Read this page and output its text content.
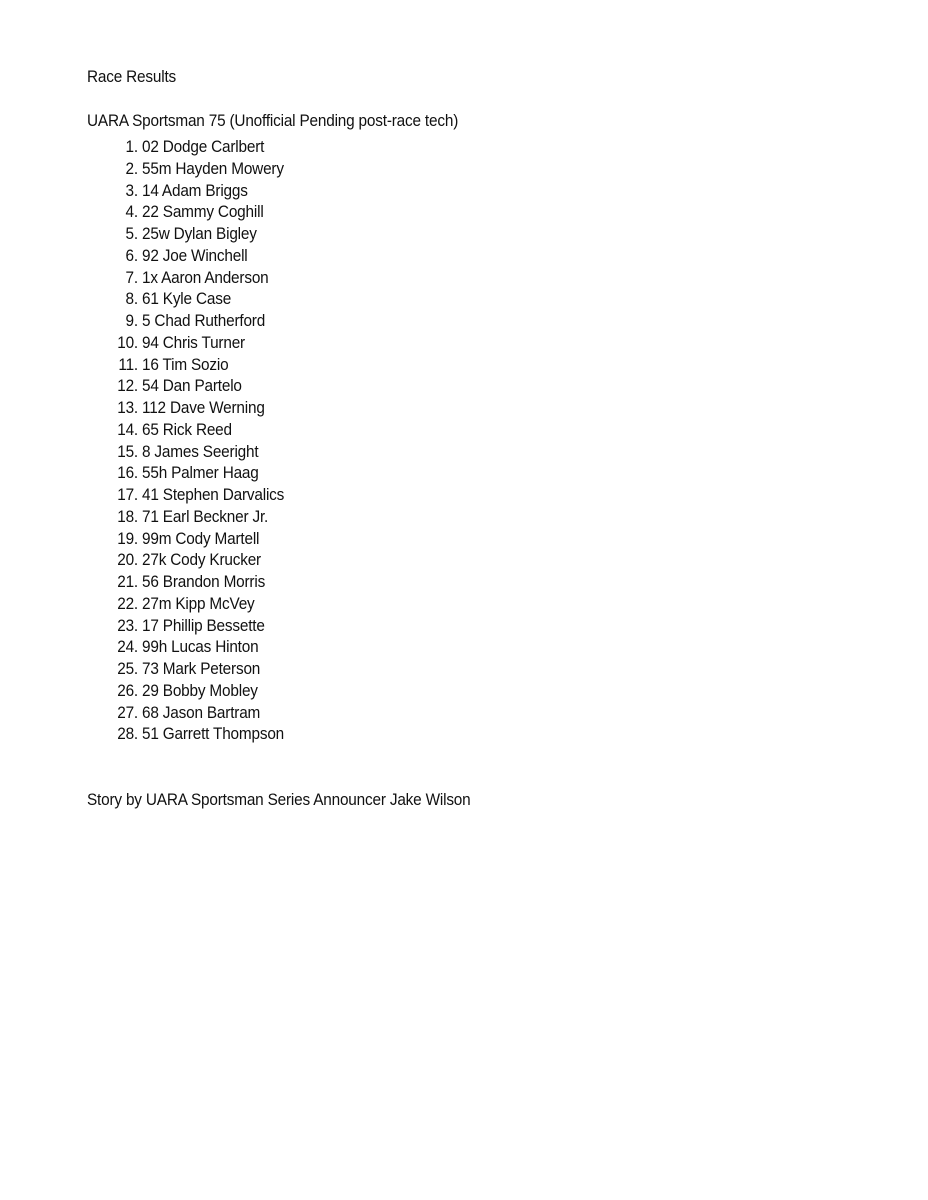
Race Results
UARA Sportsman 75 (Unofficial Pending post-race tech)
1. 02 Dodge Carlbert
2. 55m Hayden Mowery
3. 14 Adam Briggs
4. 22 Sammy Coghill
5. 25w Dylan Bigley
6. 92 Joe Winchell
7. 1x Aaron Anderson
8. 61 Kyle Case
9. 5 Chad Rutherford
10. 94 Chris Turner
11. 16 Tim Sozio
12. 54 Dan Partelo
13. 112 Dave Werning
14. 65 Rick Reed
15. 8 James Seeright
16. 55h Palmer Haag
17. 41 Stephen Darvalics
18. 71 Earl Beckner Jr.
19. 99m Cody Martell
20. 27k Cody Krucker
21. 56 Brandon Morris
22. 27m Kipp McVey
23. 17 Phillip Bessette
24. 99h Lucas Hinton
25. 73 Mark Peterson
26. 29 Bobby Mobley
27. 68 Jason Bartram
28. 51 Garrett Thompson
Story by UARA Sportsman Series Announcer Jake Wilson
